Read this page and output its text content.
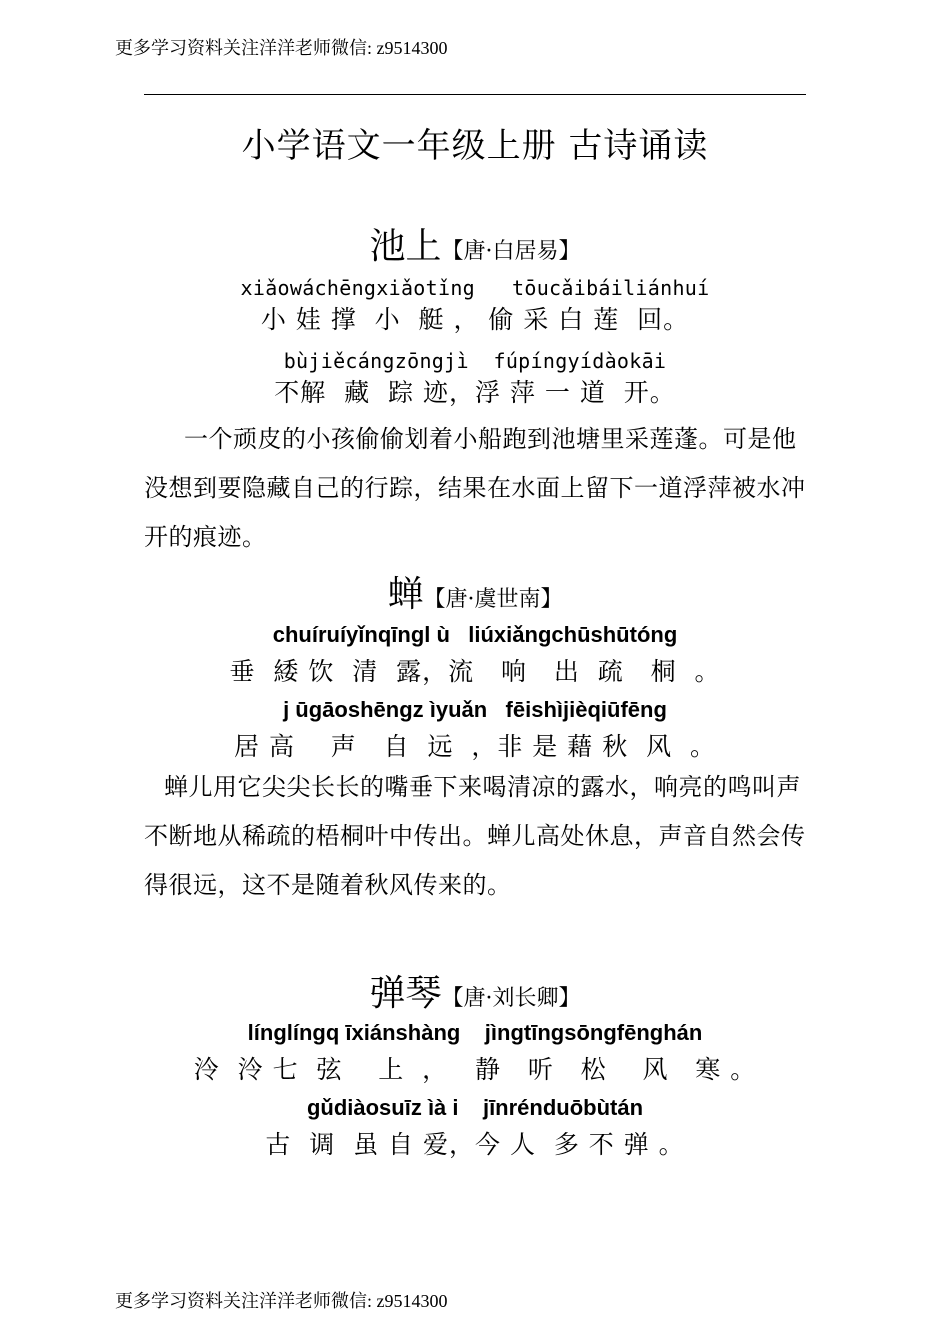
更多学习资料关注洋洋老师微信: z9514300
小学语文一年级上册 古诗诵读
池上【唐·白居易】
xiǎowáchēngxiǎotǐng   tōucǎibáiliánhuí
小 娃 撑  小  艇 ， 偷 采 白 莲  回。
bùjiěcángzōngjì  fúpíngyídàokāi
不解  藏  踪 迹，浮 萍 一 道  开。

一个顽皮的小孩偷偷划着小船跑到池塘里采莲蓬。可是他没想到要隐藏自己的行踪，结果在水面上留下一道浮萍被水冲开的痕迹。

蝉【唐·虞世南】
chuíruíyǐnqīngl ù   liúxiǎngchūshūtóng
垂  緌 饮  清  露，流   响   出  疏   桐  。
j ūgāoshēngz ìyuǎn   fēishìjièqiūfēng
居 高    声   自  远  ，非 是 藉 秋  风  。

蝉儿用它尖尖长长的嘴垂下来喝清凉的露水，响亮的鸣叫声不断地从稀疏的梧桐叶中传出。蝉儿高处休息，声音自然会传得很远，这不是随着秋风传来的。

弹琴【唐·刘长卿】
línglíngq īxiánshàng    jìngtīngsōngfēnghán
泠  泠 七  弦    上  ，   静   听   松    风   寒 。
gǔdiàosuīz ìà i    jīnrénduōbùtán
古  调  虽 自 爱，今 人  多 不 弹 。
更多学习资料关注洋洋老师微信: z9514300
